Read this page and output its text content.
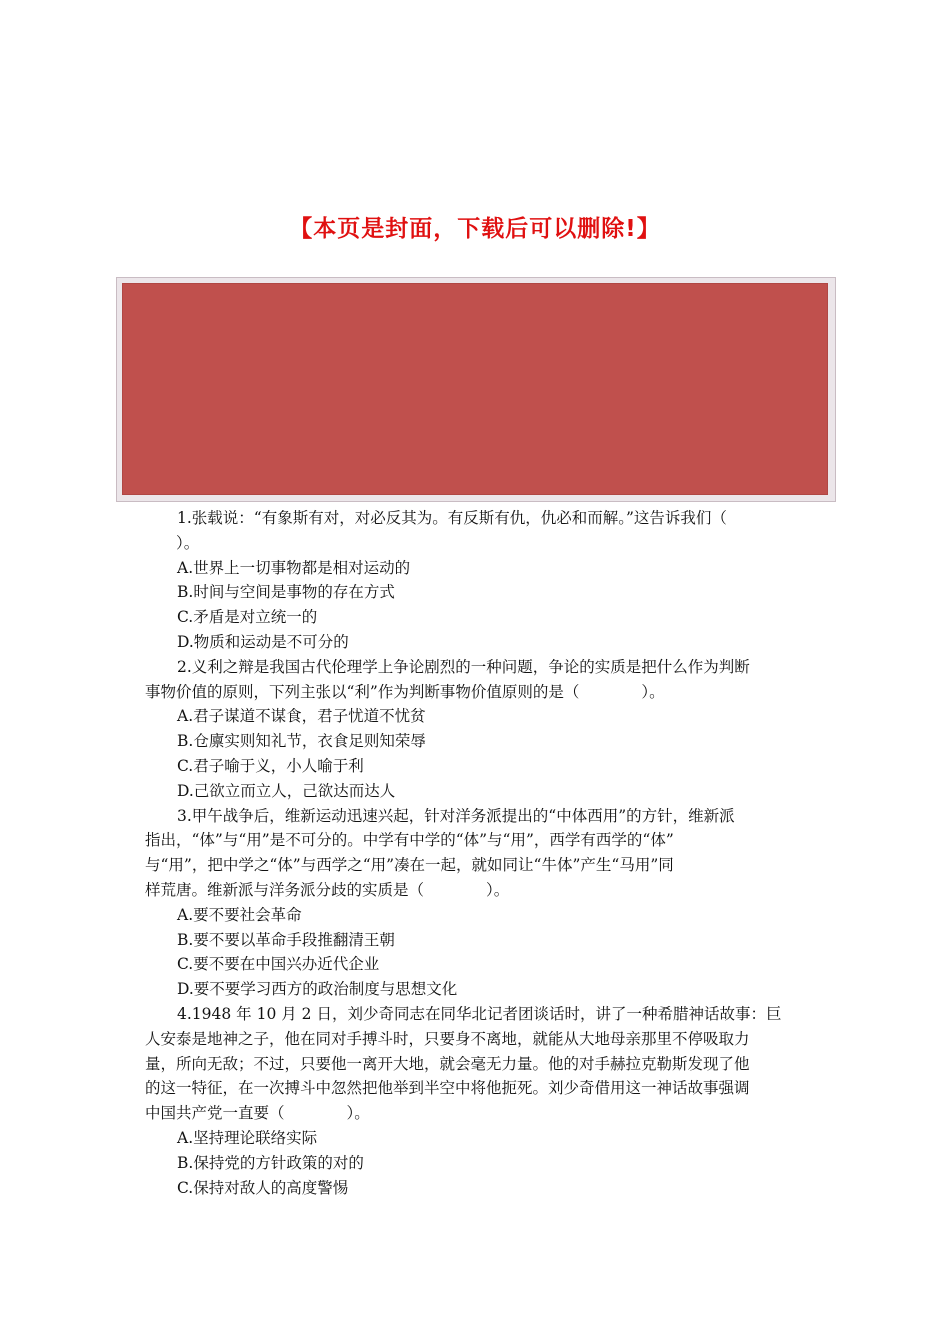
【本页是封面，下载后可以删除!】
1.张载说：“有象斯有对，对必反其为。有反斯有仇，仇必和而解。”这告诉我们（
　　）。
A.世界上一切事物都是相对运动的
B.时间与空间是事物的存在方式
C.矛盾是对立统一的
D.物质和运动是不可分的
2.义利之辩是我国古代伦理学上争论剧烈的一种问题，争论的实质是把什么作为判断
事物价值的原则，下列主张以“利”作为判断事物价值原则的是（　　　　）。
A.君子谋道不谋食，君子忧道不忧贫
B.仓廪实则知礼节，衣食足则知荣辱
C.君子喻于义，小人喻于利
D.己欲立而立人，己欲达而达人
3.甲午战争后，维新运动迅速兴起，针对洋务派提出的“中体西用”的方针，维新派
指出，“体”与“用”是不可分的。中学有中学的“体”与“用”，西学有西学的“体”
与“用”，把中学之“体”与西学之“用”凑在一起，就如同让“牛体”产生“马用”同
样荒唐。维新派与洋务派分歧的实质是（　　　　）。
A.要不要社会革命
B.要不要以革命手段推翻清王朝
C.要不要在中国兴办近代企业
D.要不要学习西方的政治制度与思想文化
4.1948 年 10 月 2 日，刘少奇同志在同华北记者团谈话时，讲了一种希腊神话故事：巨
人安泰是地神之子，他在同对手搏斗时，只要身不离地，就能从大地母亲那里不停吸取力
量，所向无敌；不过，只要他一离开大地，就会毫无力量。他的对手赫拉克勒斯发现了他
的这一特征，在一次搏斗中忽然把他举到半空中将他扼死。刘少奇借用这一神话故事强调
中国共产党一直要（　　　　）。
A.坚持理论联络实际
B.保持党的方针政策的对的
C.保持对敌人的高度警惕
